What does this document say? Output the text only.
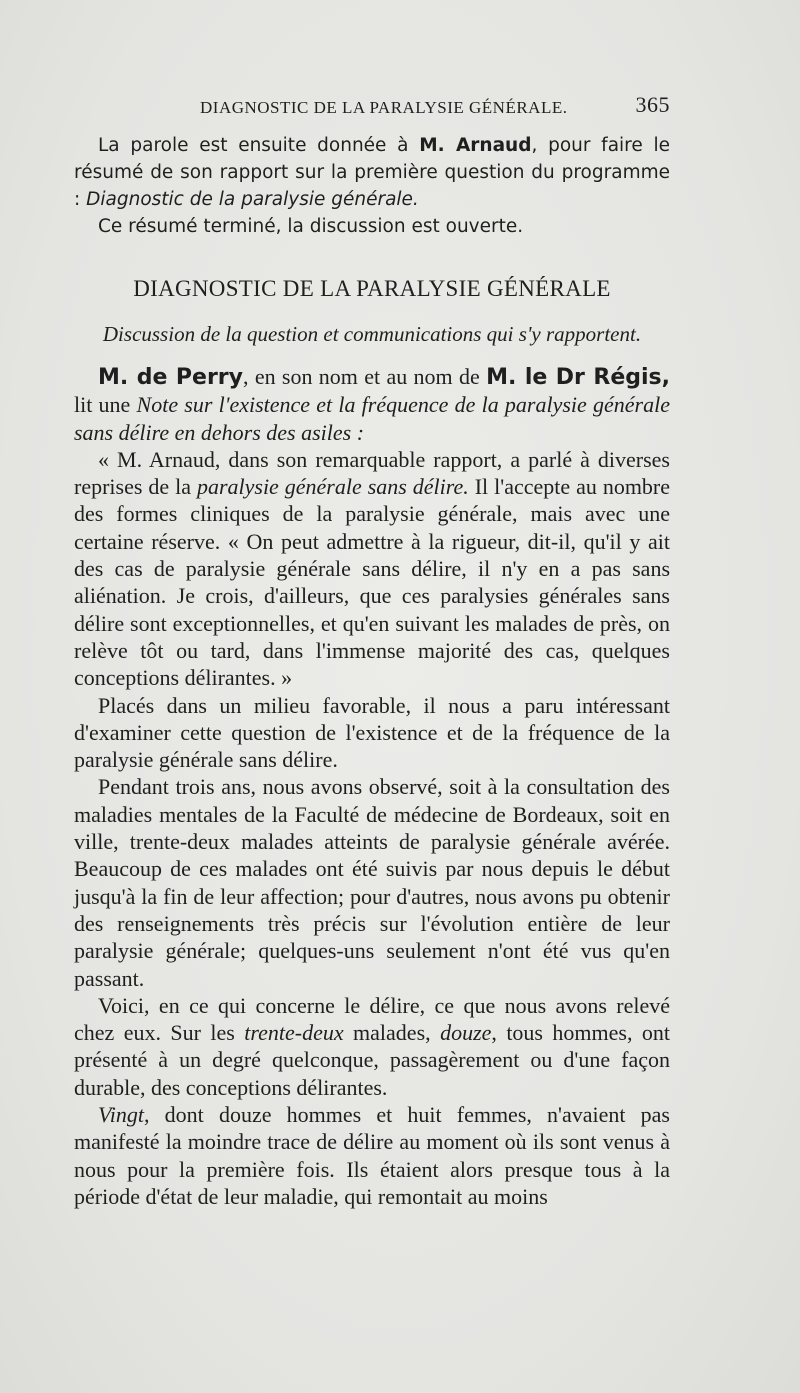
DIAGNOSTIC DE LA PARALYSIE GÉNÉRALE.	365

La parole est ensuite donnée à M. Arnaud, pour faire le résumé de son rapport sur la première question du programme : Diagnostic de la paralysie générale.

Ce résumé terminé, la discussion est ouverte.

DIAGNOSTIC DE LA PARALYSIE GÉNÉRALE
Discussion de la question et communications qui s'y rapportent.

M. de Perry, en son nom et au nom de M. le Dr Régis, lit une Note sur l'existence et la fréquence de la paralysie générale sans délire en dehors des asiles :

« M. Arnaud, dans son remarquable rapport, a parlé à diverses reprises de la paralysie générale sans délire. Il l'accepte au nombre des formes cliniques de la paralysie générale, mais avec une certaine réserve. « On peut admettre à la rigueur, dit-il, qu'il y ait des cas de paralysie générale sans délire, il n'y en a pas sans aliénation. Je crois, d'ailleurs, que ces paralysies générales sans délire sont exceptionnelles, et qu'en suivant les malades de près, on relève tôt ou tard, dans l'immense majorité des cas, quelques conceptions délirantes. »

Placés dans un milieu favorable, il nous a paru intéressant d'examiner cette question de l'existence et de la fréquence de la paralysie générale sans délire.

Pendant trois ans, nous avons observé, soit à la consultation des maladies mentales de la Faculté de médecine de Bordeaux, soit en ville, trente-deux malades atteints de paralysie générale avérée. Beaucoup de ces malades ont été suivis par nous depuis le début jusqu'à la fin de leur affection; pour d'autres, nous avons pu obtenir des renseignements très précis sur l'évolution entière de leur paralysie générale; quelques-uns seulement n'ont été vus qu'en passant.

Voici, en ce qui concerne le délire, ce que nous avons relevé chez eux. Sur les trente-deux malades, douze, tous hommes, ont présenté à un degré quelconque, passagèrement ou d'une façon durable, des conceptions délirantes.

Vingt, dont douze hommes et huit femmes, n'avaient pas manifesté la moindre trace de délire au moment où ils sont venus à nous pour la première fois. Ils étaient alors presque tous à la période d'état de leur maladie, qui remontait au moins
